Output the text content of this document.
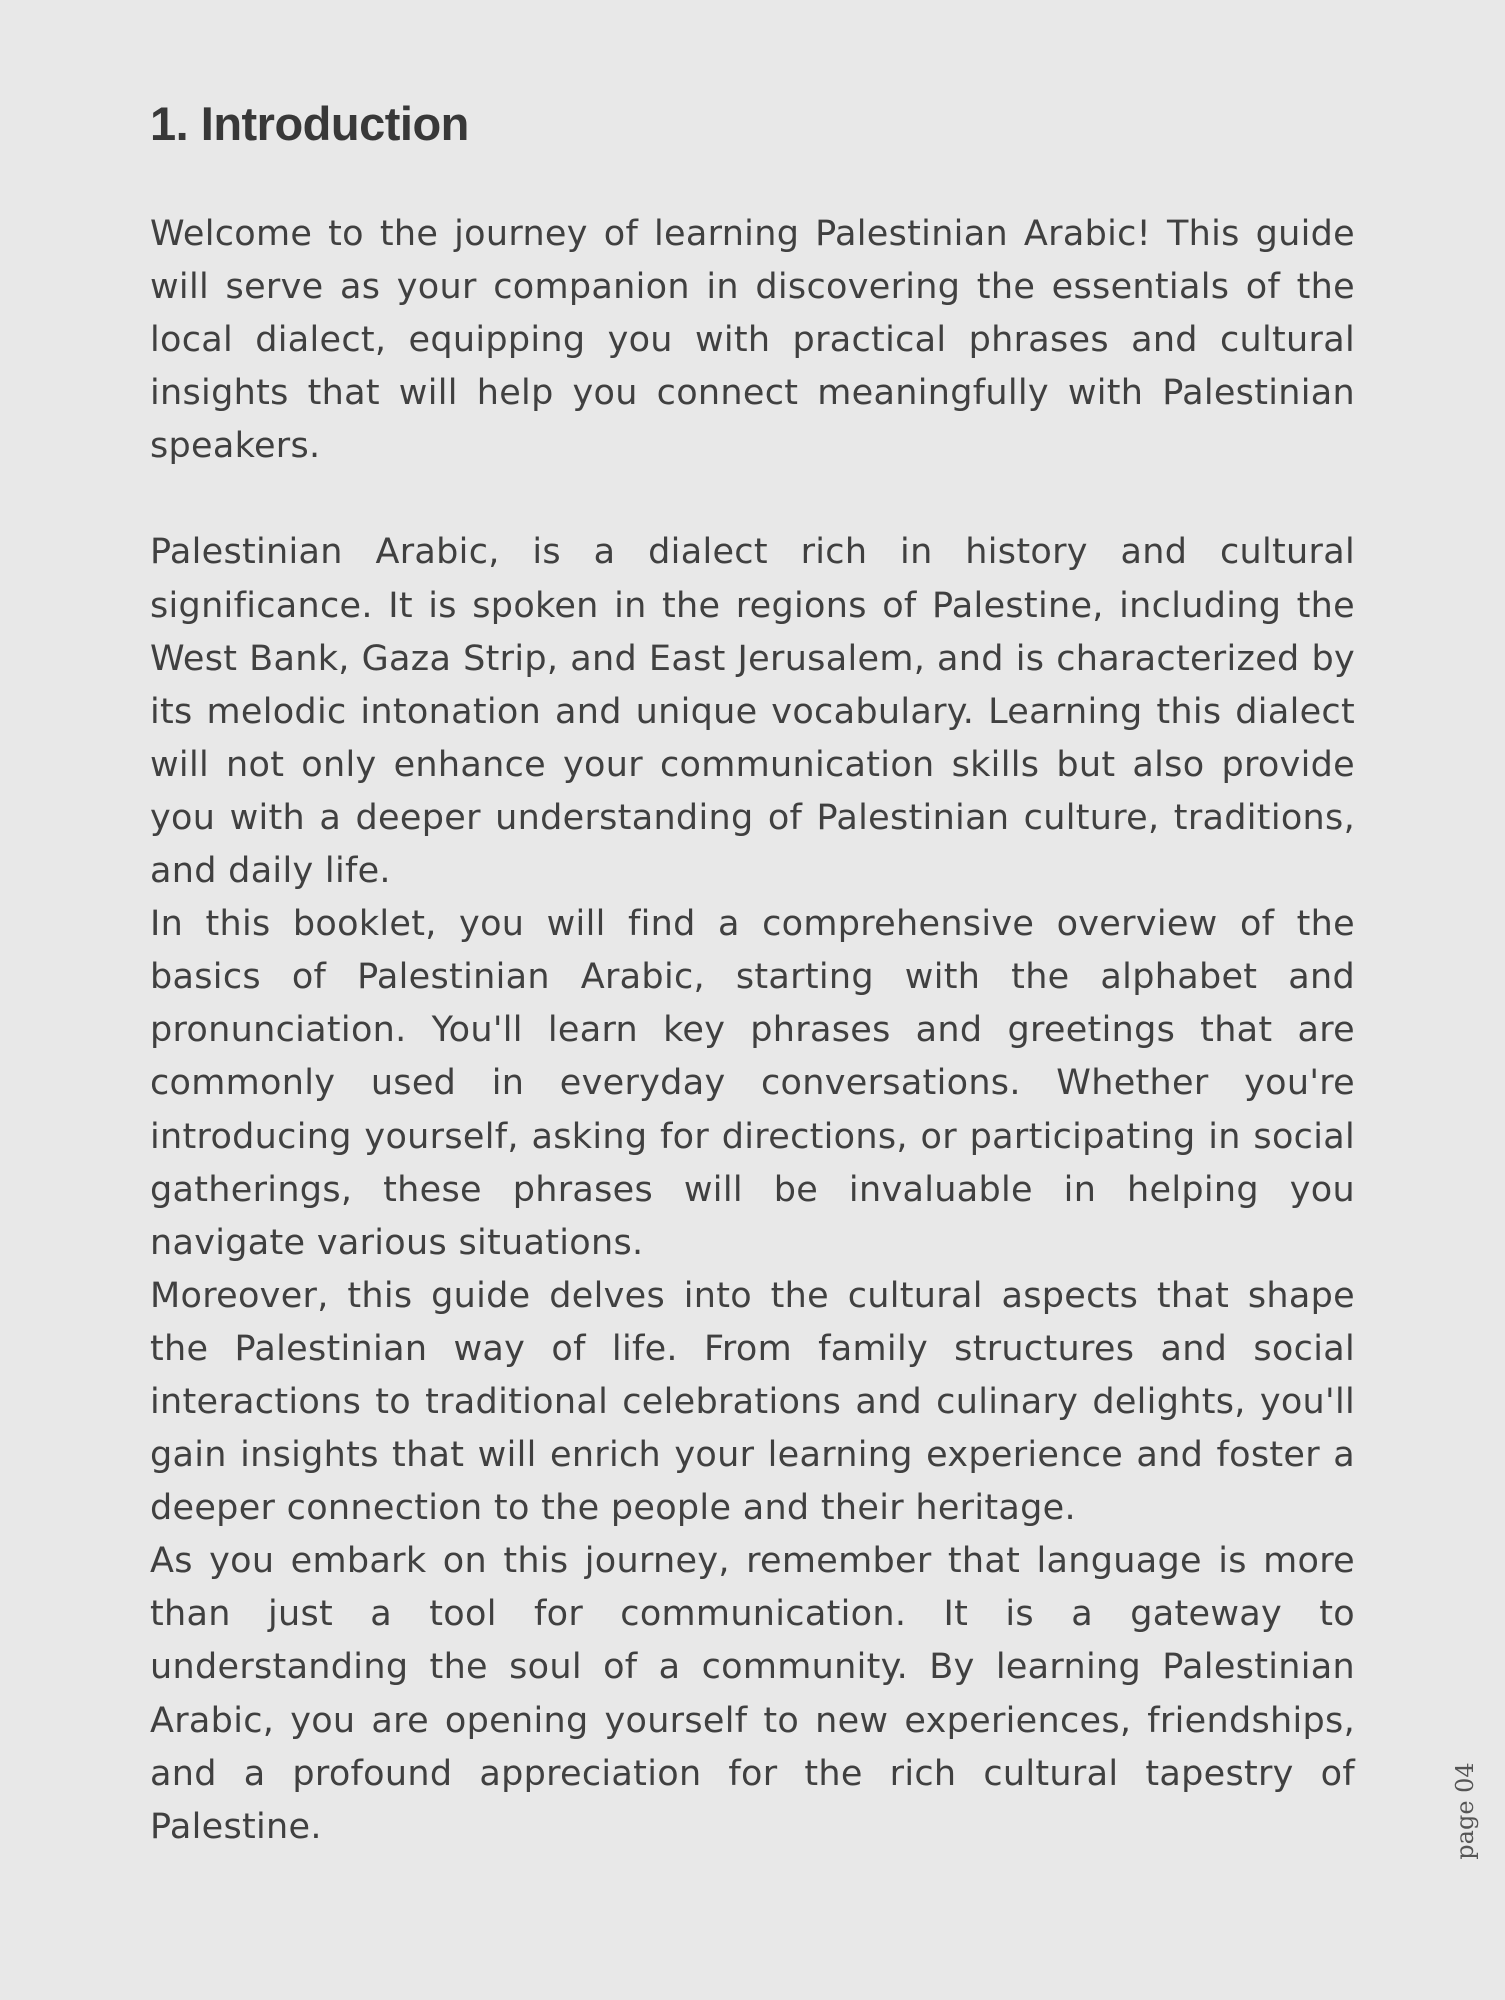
1. Introduction

Welcome to the journey of learning Palestinian Arabic! This guide will serve as your companion in discovering the essentials of the local dialect, equipping you with practical phrases and cultural insights that will help you connect meaningfully with Palestinian speakers.

Palestinian Arabic, is a dialect rich in history and cultural significance. It is spoken in the regions of Palestine, including the West Bank, Gaza Strip, and East Jerusalem, and is characterized by its melodic intonation and unique vocabulary. Learning this dialect will not only enhance your communication skills but also provide you with a deeper understanding of Palestinian culture, traditions, and daily life.

In this booklet, you will find a comprehensive overview of the basics of Palestinian Arabic, starting with the alphabet and pronunciation. You'll learn key phrases and greetings that are commonly used in everyday conversations. Whether you're introducing yourself, asking for directions, or participating in social gatherings, these phrases will be invaluable in helping you navigate various situations.

Moreover, this guide delves into the cultural aspects that shape the Palestinian way of life. From family structures and social interactions to traditional celebrations and culinary delights, you'll gain insights that will enrich your learning experience and foster a deeper connection to the people and their heritage.

As you embark on this journey, remember that language is more than just a tool for communication. It is a gateway to understanding the soul of a community. By learning Palestinian Arabic, you are opening yourself to new experiences, friendships, and a profound appreciation for the rich cultural tapestry of Palestine.	page 04
